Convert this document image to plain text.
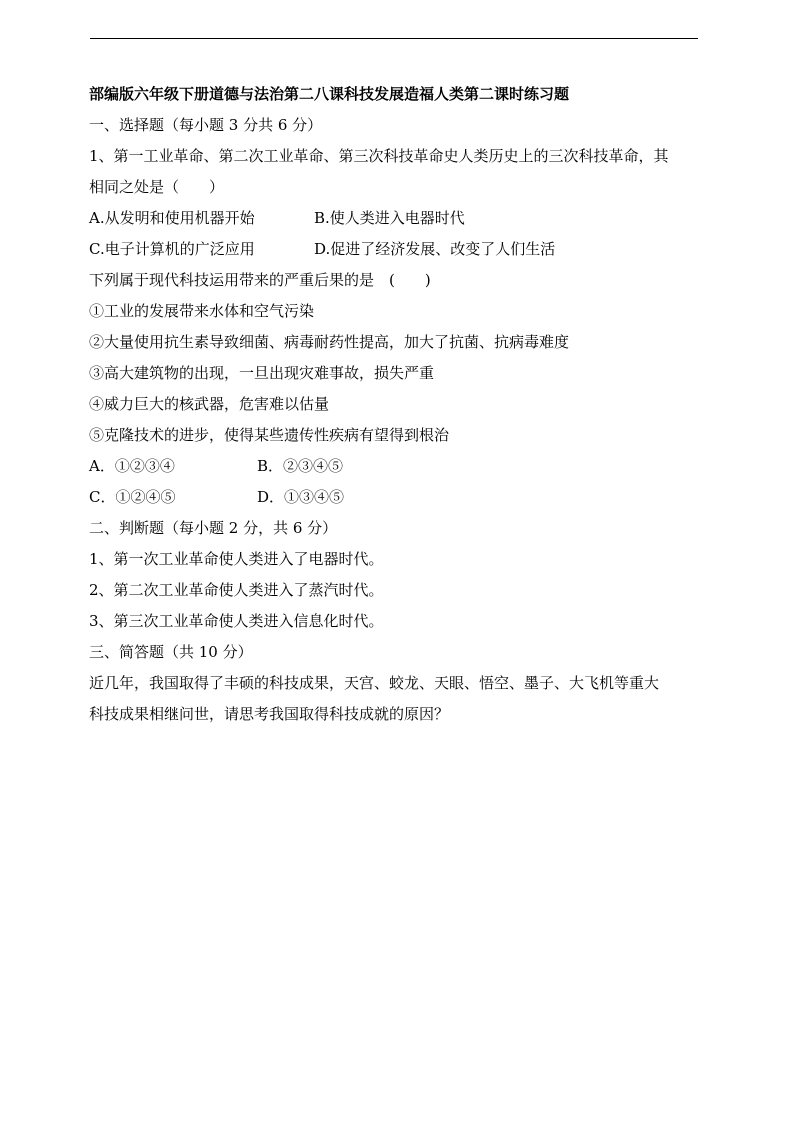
部编版六年级下册道德与法治第二八课科技发展造福人类第二课时练习题
一、选择题（每小题 3 分共 6 分）
1、第一工业革命、第二次工业革命、第三次科技革命史人类历史上的三次科技革命，其
相同之处是（　　）
A.从发明和使用机器开始	B.使人类进入电器时代
C.电子计算机的广泛应用	D.促进了经济发展、改变了人们生活
下列属于现代科技运用带来的严重后果的是　(　　)
①工业的发展带来水体和空气污染
②大量使用抗生素导致细菌、病毒耐药性提高，加大了抗菌、抗病毒难度
③高大建筑物的出现，一旦出现灾难事故，损失严重
④威力巨大的核武器，危害难以估量
⑤克隆技术的进步，使得某些遗传性疾病有望得到根治
A．①②③④	B．②③④⑤
C．①②④⑤	D．①③④⑤
二、判断题（每小题 2 分，共 6 分）
1、第一次工业革命使人类进入了电器时代。
2、第二次工业革命使人类进入了蒸汽时代。
3、第三次工业革命使人类进入信息化时代。
三、简答题（共 10 分）
近几年，我国取得了丰硕的科技成果，天宫、蛟龙、天眼、悟空、墨子、大飞机等重大
科技成果相继问世，请思考我国取得科技成就的原因？
